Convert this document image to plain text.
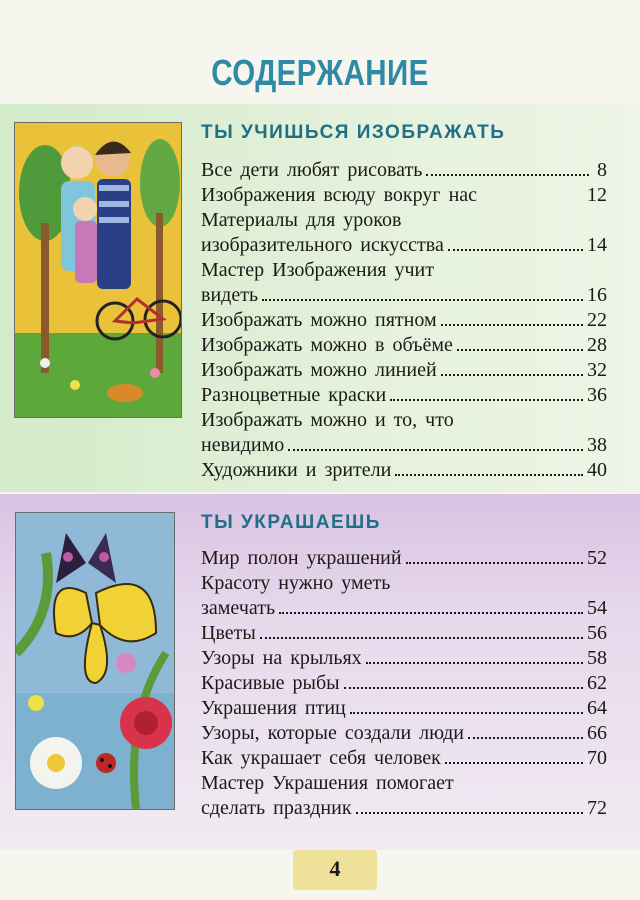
СОДЕРЖАНИЕ
ТЫ УЧИШЬСЯ ИЗОБРАЖАТЬ
Все дети любят рисовать	8
Изображения всюду вокруг нас	12
Материалы для уроков
изобразительного искусства	14
Мастер Изображения учит
видеть	16
Изображать можно пятном	22
Изображать можно в объёме	28
Изображать можно линией	32
Разноцветные краски	36
Изображать можно и то, что
невидимо	38
Художники и зрители	40
ТЫ УКРАШАЕШЬ
Мир полон украшений	52
Красоту нужно уметь
замечать	54
Цветы	56
Узоры на крыльях	58
Красивые рыбы	62
Украшения птиц	64
Узоры, которые создали люди	66
Как украшает себя человек	70
Мастер Украшения помогает
сделать праздник	72
4
